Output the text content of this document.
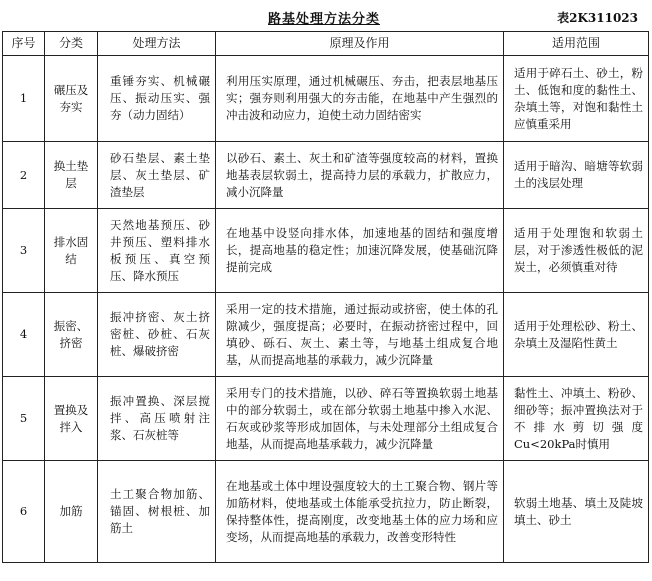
路基处理方法分类	表2K311023
序号	分类	处理方法	原理及作用	适用范围
1	碾压及夯实	重锤夯实、机械碾压、振动压实、强夯（动力固结）	利用压实原理，通过机械碾压、夯击，把表层地基压实；强夯则利用强大的夯击能，在地基中产生强烈的冲击波和动应力，迫使土动力固结密实	适用于碎石土、砂土，粉土、低饱和度的黏性土、杂填土等，对饱和黏性土应慎重采用
2	换土垫层	砂石垫层、素土垫层、灰土垫层、矿渣垫层	以砂石、素土、灰土和矿渣等强度较高的材料，置换地基表层软弱土，提高持力层的承载力，扩散应力，减小沉降量	适用于暗沟、暗塘等软弱土的浅层处理
3	排水固结	天然地基预压、砂井预压、塑料排水板预压、真空预压、降水预压	在地基中设竖向排水体，加速地基的固结和强度增长，提高地基的稳定性；加速沉降发展，使基础沉降提前完成	适用于处理饱和软弱土层，对于渗透性极低的泥炭土，必须慎重对待
4	振密、挤密	振冲挤密、灰土挤密桩、砂桩、石灰桩、爆破挤密	采用一定的技术措施，通过振动或挤密，使土体的孔隙减少，强度提高；必要时，在振动挤密过程中，回填砂、砾石、灰土、素土等，与地基土组成复合地基，从而提高地基的承载力，减少沉降量	适用于处理松砂、粉土、杂填土及湿陷性黄土
5	置换及拌入	振冲置换、深层搅拌、高压喷射注浆、石灰桩等	采用专门的技术措施，以砂、碎石等置换软弱土地基中的部分软弱土，或在部分软弱土地基中掺入水泥、石灰或砂浆等形成加固体，与未处理部分土组成复合地基，从而提高地基承载力，减少沉降量	黏性土、冲填土、粉砂、细砂等；振冲置换法对于不排水剪切强度Cu<20kPa时慎用
6	加筋	土工聚合物加筋、锚固、树根桩、加筋土	在地基或土体中埋设强度较大的土工聚合物、钢片等加筋材料，使地基或土体能承受抗拉力，防止断裂，保持整体性，提高刚度，改变地基土体的应力场和应变场，从而提高地基的承载力，改善变形特性	软弱土地基、填土及陡坡填土、砂土
